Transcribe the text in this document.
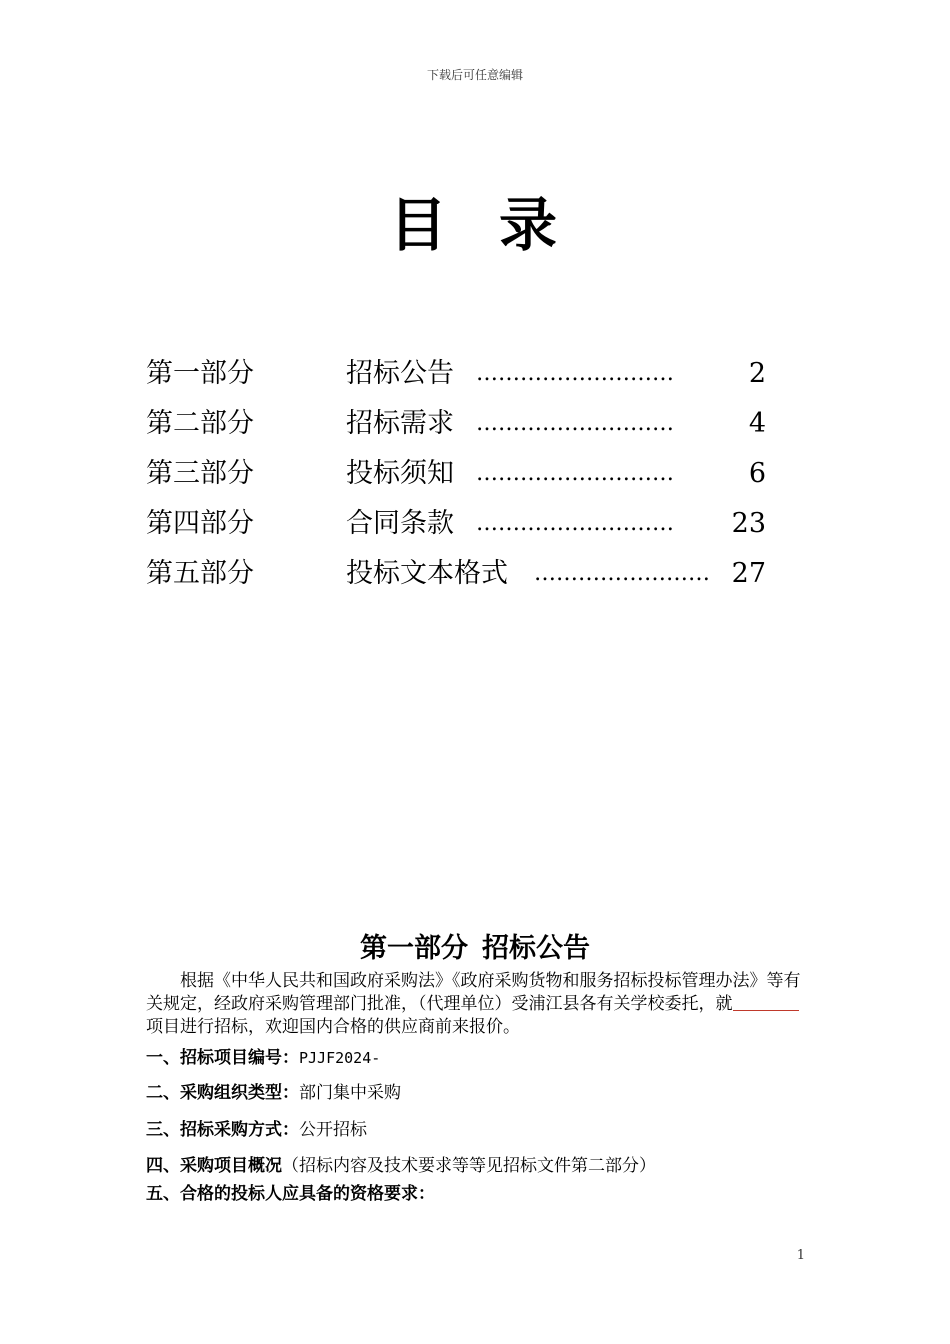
下载后可任意编辑
目 录
第一部分	招标公告 ………………………	2
第二部分	招标需求 ………………………	4
第三部分	投标须知 ………………………	6
第四部分	合同条款 ……………………… 23
第五部分	投标文本格式 …………………… 27
第一部分 招标公告
根据《中华人民共和国政府采购法》《政府采购货物和服务招标投标管理办法》等有关规定，经政府采购管理部门批准，（代理单位）受浦江县各有关学校委托，就项目进行招标，欢迎国内合格的供应商前来报价。
一、招标项目编号：PJJF2024-
二、采购组织类型：部门集中采购
三、招标采购方式：公开招标
四、采购项目概况（招标内容及技术要求等等见招标文件第二部分）
五、合格的投标人应具备的资格要求：
1
